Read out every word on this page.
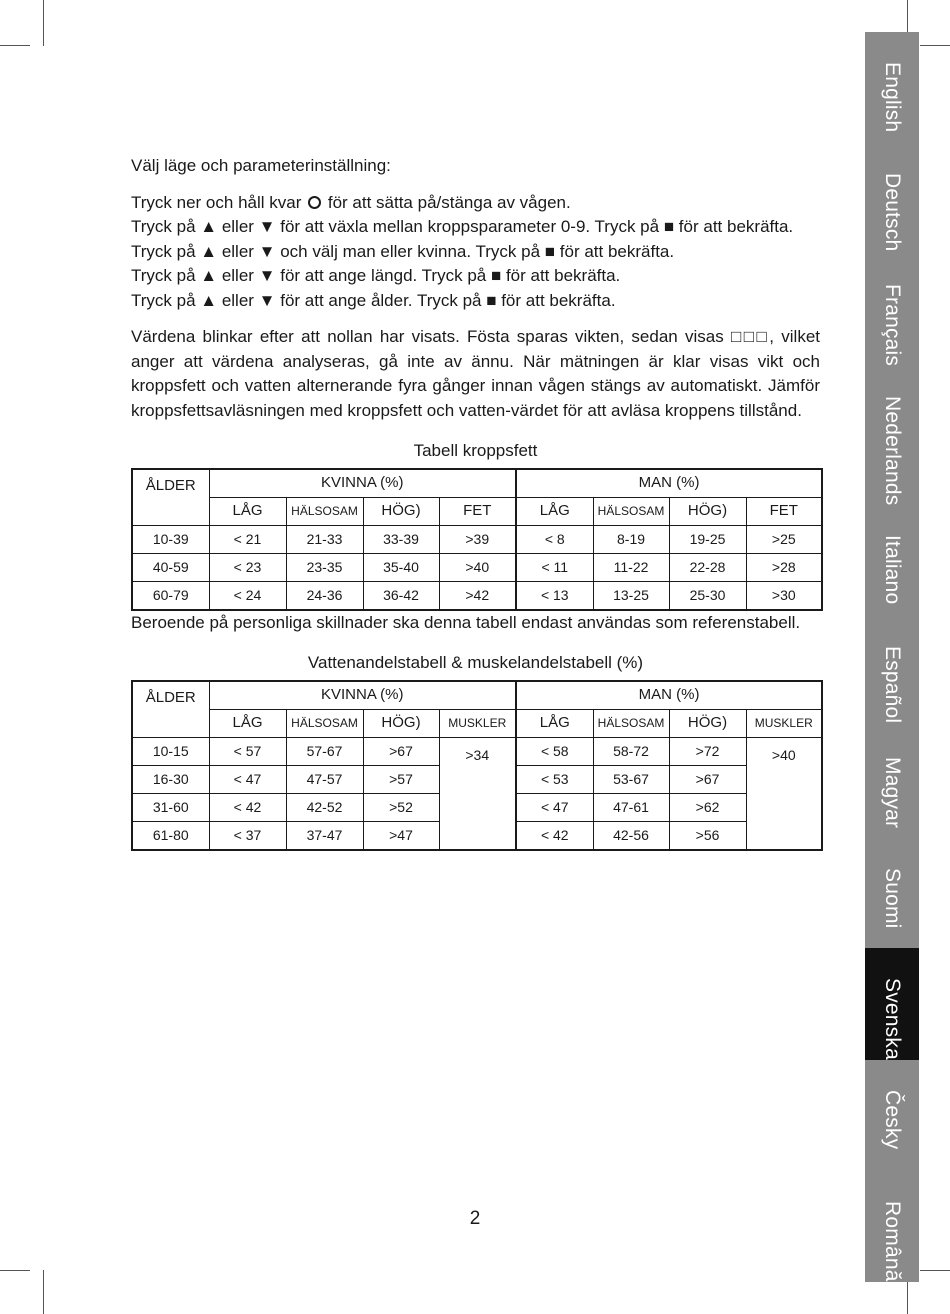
English
Deutsch
Français
Nederlands
Italiano
Español
Magyar
Suomi
Svenska
Česky
Română

Välj läge och parameterinställning:

Tryck ner och håll kvar för att sätta på/stänga av vågen.

Tryck på ▲ eller ▼ för att växla mellan kroppsparameter 0-9. Tryck på ■ för att bekräfta.

Tryck på ▲ eller ▼ och välj man eller kvinna. Tryck på ■ för att bekräfta.

Tryck på ▲ eller ▼ för att ange längd. Tryck på ■ för att bekräfta.

Tryck på ▲ eller ▼ för att ange ålder. Tryck på ■ för att bekräfta.

Värdena blinkar efter att nollan har visats. Fösta sparas vikten, sedan visas □□□, vilket anger att värdena analyseras, gå inte av ännu. När mätningen är klar visas vikt och kroppsfett och vatten alternerande fyra gånger innan vågen stängs av automatiskt. Jämför kroppsfettsavläsningen med kroppsfett och vatten-värdet för att avläsa kroppens tillstånd.

Tabell kroppsfett
ÅLDER	KVINNA (%)				MAN (%)			
	LÅG	HÄLSOSAM	HÖG)	FET	LÅG	HÄLSOSAM	HÖG)	FET
10-39	< 21	21-33	33-39	>39	< 8	8-19	19-25	>25
40-59	< 23	23-35	35-40	>40	< 11	11-22	22-28	>28
60-79	< 24	24-36	36-42	>42	< 13	13-25	25-30	>30

Beroende på personliga skillnader ska denna tabell endast användas som referenstabell.

Vattenandelstabell & muskelandelstabell (%)
ÅLDER	KVINNA (%)				MAN (%)			
	LÅG	HÄLSOSAM	HÖG)	MUSKLER	LÅG	HÄLSOSAM	HÖG)	MUSKLER
10-15	< 57	57-67	>67	>34	< 58	58-72	>72	>40
16-30	< 47	47-57	>57		< 53	53-67	>67	
31-60	< 42	42-52	>52		< 47	47-61	>62	
61-80	< 37	37-47	>47		< 42	42-56	>56	
2
